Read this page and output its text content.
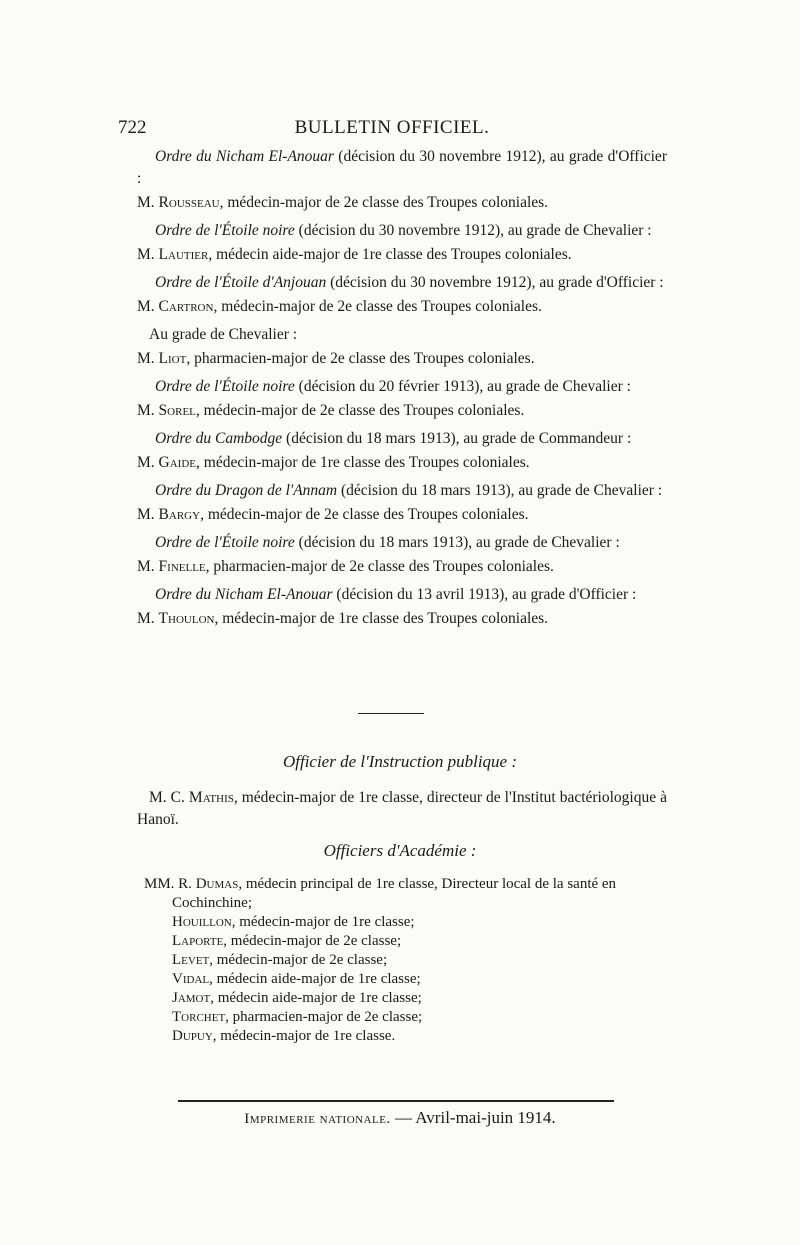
722	BULLETIN OFFICIEL.

Ordre du Nicham El-Anouar (décision du 30 novembre 1912), au grade d'Officier :

M. Rousseau, médecin-major de 2e classe des Troupes coloniales.

Ordre de l'Étoile noire (décision du 30 novembre 1912), au grade de Chevalier :

M. Lautier, médecin aide-major de 1re classe des Troupes coloniales.

Ordre de l'Étoile d'Anjouan (décision du 30 novembre 1912), au grade d'Officier :

M. Cartron, médecin-major de 2e classe des Troupes coloniales.

Au grade de Chevalier :

M. Liot, pharmacien-major de 2e classe des Troupes coloniales.

Ordre de l'Étoile noire (décision du 20 février 1913), au grade de Chevalier :

M. Sorel, médecin-major de 2e classe des Troupes coloniales.

Ordre du Cambodge (décision du 18 mars 1913), au grade de Commandeur :

M. Gaide, médecin-major de 1re classe des Troupes coloniales.

Ordre du Dragon de l'Annam (décision du 18 mars 1913), au grade de Chevalier :

M. Bargy, médecin-major de 2e classe des Troupes coloniales.

Ordre de l'Étoile noire (décision du 18 mars 1913), au grade de Chevalier :

M. Finelle, pharmacien-major de 2e classe des Troupes coloniales.

Ordre du Nicham El-Anouar (décision du 13 avril 1913), au grade d'Officier :

M. Thoulon, médecin-major de 1re classe des Troupes coloniales.

Officier de l'Instruction publique :
M. C. Mathis, médecin-major de 1re classe, directeur de l'Institut bactériologique à Hanoï.
Officiers d'Académie :
MM. R. Dumas, médecin principal de 1re classe, Directeur local de la santé en
Cochinchine;
Houillon, médecin-major de 1re classe;
Laporte, médecin-major de 2e classe;
Levet, médecin-major de 2e classe;
Vidal, médecin aide-major de 1re classe;
Jamot, médecin aide-major de 1re classe;
Torchet, pharmacien-major de 2e classe;
Dupuy, médecin-major de 1re classe.
Imprimerie nationale. — Avril-mai-juin 1914.
